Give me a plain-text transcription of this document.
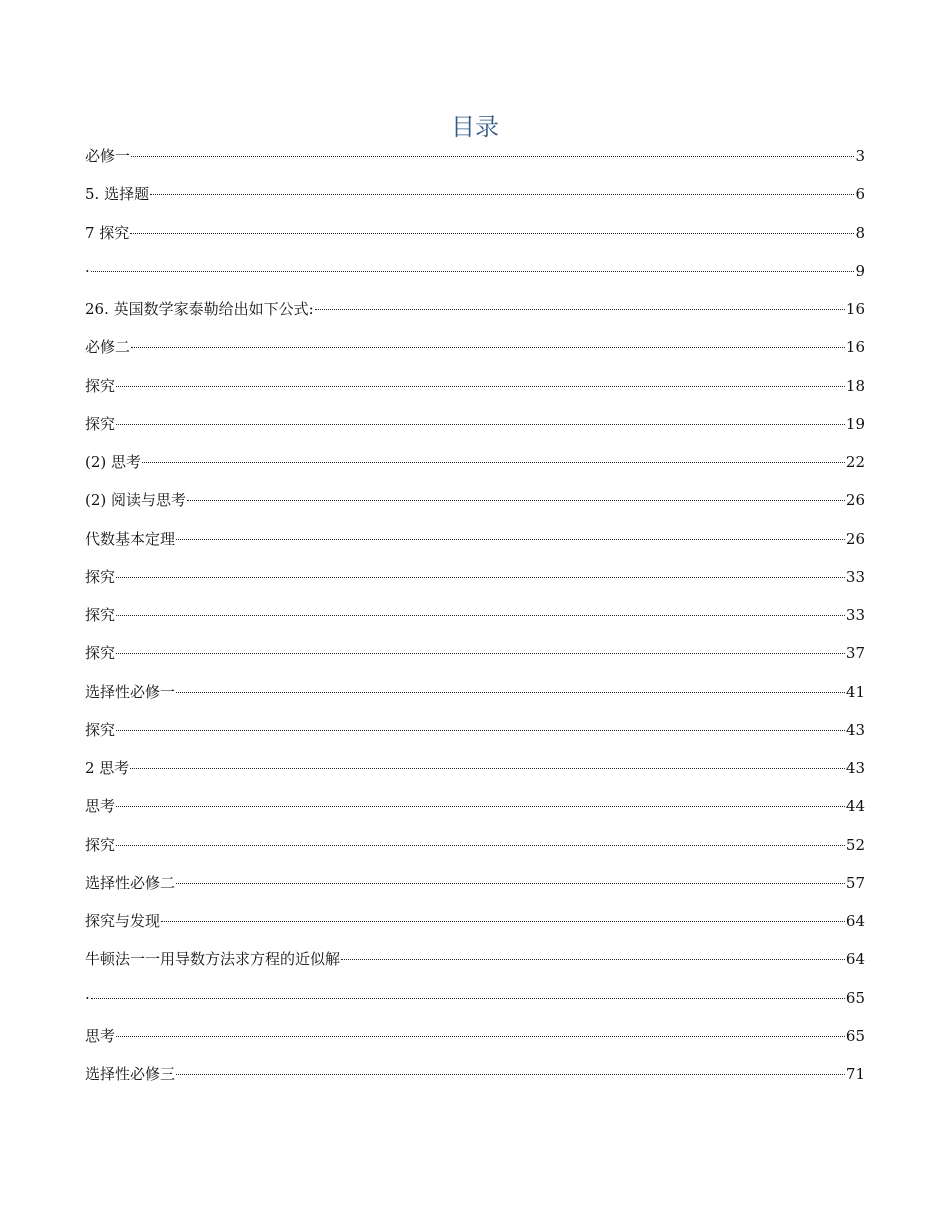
目录
必修一	3
5. 选择题	6
7 探究	8
·	9
26. 英国数学家泰勒给出如下公式:	16
必修二	16
探究	18
探究	19
(2) 思考	22
(2) 阅读与思考	26
代数基本定理	26
探究	33
探究	33
探究	37
选择性必修一	41
探究	43
2 思考	43
思考	44
探究	52
选择性必修二	57
探究与发现	64
牛顿法一一用导数方法求方程的近似解	64
·	65
思考	65
选择性必修三	71
